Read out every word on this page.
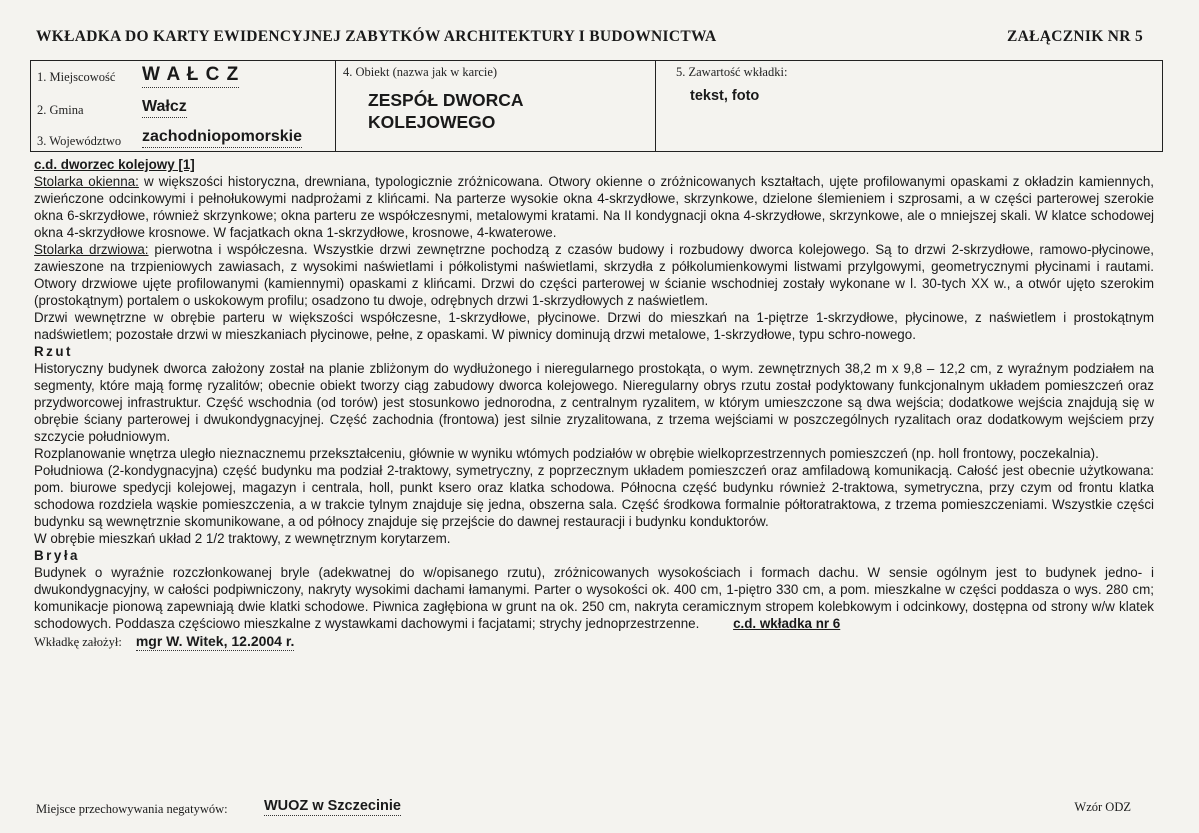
WKŁADKA DO KARTY EWIDENCYJNEJ ZABYTKÓW ARCHITEKTURY I BUDOWNICTWA	ZAŁĄCZNIK NR 5
1. Miejscowość W A Ł C Z
2. Gmina	Wałcz
3. Województwo zachodniopomorskie
4. Obiekt (nazwa jak w karcie)
ZESPÓŁ DWORCA
KOLEJOWEGO
5. Zawartość wkładki:
tekst, foto

c.d. dworzec kolejowy [1]

Stolarka okienna: w większości historyczna, drewniana, typologicznie zróżnicowana. Otwory okienne o zróżnicowanych kształtach, ujęte profilowanymi opaskami z okładzin kamiennych, zwieńczone odcinkowymi i pełnołukowymi nadprożami z klińcami. Na parterze wysokie okna 4-skrzydłowe, skrzynkowe, dzielone ślemieniem i szprosami, a w części parterowej szerokie okna 6-skrzydłowe, również skrzynkowe; okna parteru ze współczesnymi, metalowymi kratami. Na II kondygnacji okna 4-skrzydłowe, skrzynkowe, ale o mniejszej skali. W klatce schodowej okna 4-skrzydłowe krosnowe. W facjatkach okna 1-skrzydłowe, krosnowe, 4-kwaterowe.

Stolarka drzwiowa: pierwotna i współczesna. Wszystkie drzwi zewnętrzne pochodzą z czasów budowy i rozbudowy dworca kolejowego. Są to drzwi 2-skrzydłowe, ramowo-płycinowe, zawieszone na trzpieniowych zawiasach, z wysokimi naświetlami i półkolistymi naświetlami, skrzydła z półkolumienkowymi listwami przylgowymi, geometrycznymi płycinami i rautami. Otwory drzwiowe ujęte profilowanymi (kamiennymi) opaskami z klińcami. Drzwi do części parterowej w ścianie wschodniej zostały wykonane w l. 30-tych XX w., a otwór ujęto szerokim (prostokątnym) portalem o uskokowym profilu; osadzono tu dwoje, odrębnych drzwi 1-skrzydłowych z naświetlem.

Drzwi wewnętrzne w obrębie parteru w większości współczesne, 1-skrzydłowe, płycinowe. Drzwi do mieszkań na 1-piętrze 1-skrzydłowe, płycinowe, z naświetlem i prostokątnym nadświetlem; pozostałe drzwi w mieszkaniach płycinowe, pełne, z opaskami. W piwnicy dominują drzwi metalowe, 1-skrzydłowe, typu schro-nowego.

Rzut

Historyczny budynek dworca założony został na planie zbliżonym do wydłużonego i nieregularnego prostokąta, o wym. zewnętrznych 38,2 m x 9,8 – 12,2 cm, z wyraźnym podziałem na segmenty, które mają formę ryzalitów; obecnie obiekt tworzy ciąg zabudowy dworca kolejowego. Nieregularny obrys rzutu został podyktowany funkcjonalnym układem pomieszczeń oraz przydworcowej infrastruktur. Część wschodnia (od torów) jest stosunkowo jednorodna, z centralnym ryzalitem, w którym umieszczone są dwa wejścia; dodatkowe wejścia znajdują się w obrębie ściany parterowej i dwukondygnacyjnej. Część zachodnia (frontowa) jest silnie zryzalitowana, z trzema wejściami w poszczególnych ryzalitach oraz dodatkowym wejściem przy szczycie południowym.

Rozplanowanie wnętrza uległo nieznacznemu przekształceniu, głównie w wyniku wtómych podziałów w obrębie wielkoprzestrzennych pomieszczeń (np. holl frontowy, poczekalnia).

Południowa (2-kondygnacyjna) część budynku ma podział 2-traktowy, symetryczny, z poprzecznym układem pomieszczeń oraz amfiladową komunikacją. Całość jest obecnie użytkowana: pom. biurowe spedycji kolejowej, magazyn i centrala, holl, punkt ksero oraz klatka schodowa. Północna część budynku również 2-traktowa, symetryczna, przy czym od frontu klatka schodowa rozdziela wąskie pomieszczenia, a w trakcie tylnym znajduje się jedna, obszerna sala. Część środkowa formalnie półtoratraktowa, z trzema pomieszczeniami. Wszystkie części budynku są wewnętrznie skomunikowane, a od północy znajduje się przejście do dawnej restauracji i budynku konduktorów.

W obrębie mieszkań układ 2 1/2 traktowy, z wewnętrznym korytarzem.

Bryła

Budynek o wyraźnie rozczłonkowanej bryle (adekwatnej do w/opisanego rzutu), zróżnicowanych wysokościach i formach dachu. W sensie ogólnym jest to budynek jedno- i dwukondygnacyjny, w całości podpiwniczony, nakryty wysokimi dachami łamanymi. Parter o wysokości ok. 400 cm, 1-piętro 330 cm, a pom. mieszkalne w części poddasza o wys. 280 cm; komunikacje pionową zapewniają dwie klatki schodowe. Piwnica zagłębiona w grunt na ok. 250 cm, nakryta ceramicznym stropem kolebkowym i odcinkowy, dostępna od strony w/w klatek schodowych. Poddasza częściowo mieszkalne z wystawkami dachowymi i facjatami; strychy jednoprzestrzenne.	c.d. wkładka nr 6

Wkładkę założył: mgr W. Witek, 12.2004 r.

Miejsce przechowywania negatywów:	WUOZ w Szczecinie	Wzór ODZ
